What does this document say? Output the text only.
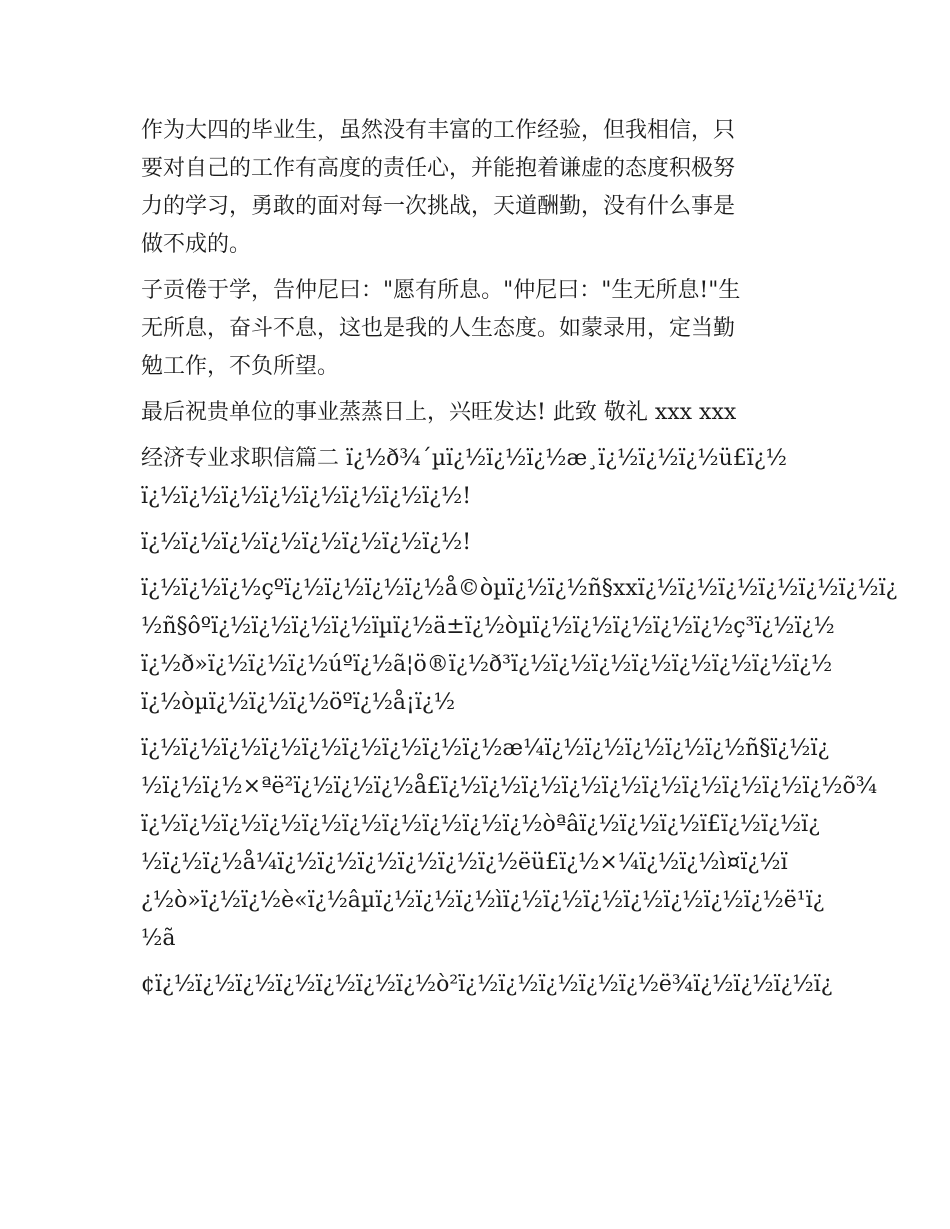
作为大四的毕业生，虽然没有丰富的工作经验，但我相信，只
要对自己的工作有高度的责任心，并能抱着谦虚的态度积极努
力的学习，勇敢的面对每一次挑战，天道酬勤，没有什么事是
做不成的。
子贡倦于学，告仲尼曰："愿有所息。"仲尼曰："生无所息!"生
无所息，奋斗不息，这也是我的人生态度。如蒙录用，定当勤
勉工作，不负所望。
最后祝贵单位的事业蒸蒸日上，兴旺发达! 此致 敬礼 xxx xxx
经济专业求职信篇二 ï¿½ð¾´µï¿½ï¿½ï¿½æ¸ï¿½ï¿½ï¿½ü£ï¿½
ï¿½ï¿½ï¿½ï¿½ï¿½ï¿½ï¿½ï¿½!
ï¿½ï¿½ï¿½ï¿½ï¿½ï¿½ï¿½ï¿½!
ï¿½ï¿½ï¿½çºï¿½ï¿½ï¿½ï¿½å©òµï¿½ï¿½ñ§xxï¿½ï¿½ï¿½ï¿½ï¿½ï¿½ï¿
½ñ§ôºï¿½ï¿½ï¿½ï¿½ïµï¿½ä±ï¿½òµï¿½ï¿½ï¿½ï¿½ï¿½ç³ï¿½ï¿½
ï¿½ð»ï¿½ï¿½ï¿½úºï¿½ã¦ö®ï¿½ð³ï¿½ï¿½ï¿½ï¿½ï¿½ï¿½ï¿½ï¿½
ï¿½òµï¿½ï¿½ï¿½öºï¿½å¡ï¿½
ï¿½ï¿½ï¿½ï¿½ï¿½ï¿½ï¿½ï¿½ï¿½æ¼ï¿½ï¿½ï¿½ï¿½ï¿½ñ§ï¿½ï¿
½ï¿½ï¿½×ªë²ï¿½ï¿½ï¿½å£ï¿½ï¿½ï¿½ï¿½ï¿½ï¿½ï¿½ï¿½ï¿½ï¿½õ¾
ï¿½ï¿½ï¿½ï¿½ï¿½ï¿½ï¿½ï¿½ï¿½ï¿½òªâï¿½ï¿½ï¿½ï£ï¿½ï¿½ï¿
½ï¿½ï¿½å¼ï¿½ï¿½ï¿½ï¿½ï¿½ï¿½ëü£ï¿½×¼ï¿½ï¿½ì¤ï¿½ï
¿½ò»ï¿½ï¿½è«ï¿½âµï¿½ï¿½ï¿½ìï¿½ï¿½ï¿½ï¿½ï¿½ï¿½ï¿½ë¹ï¿
½ã
¢ï¿½ï¿½ï¿½ï¿½ï¿½ï¿½ï¿½ò²ï¿½ï¿½ï¿½ï¿½ï¿½ë¾ï¿½ï¿½ï¿½ï¿
